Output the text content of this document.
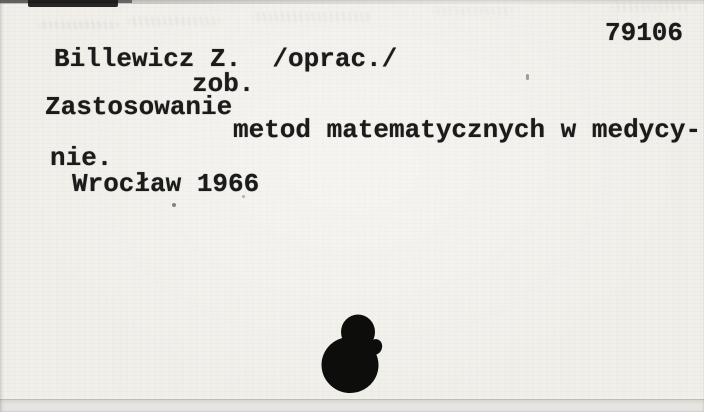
79106
Billewicz Z.  /oprac./
zob.
Zastosowanie
metod matematycznych w medycy-
nie.
Wrocław 1966
